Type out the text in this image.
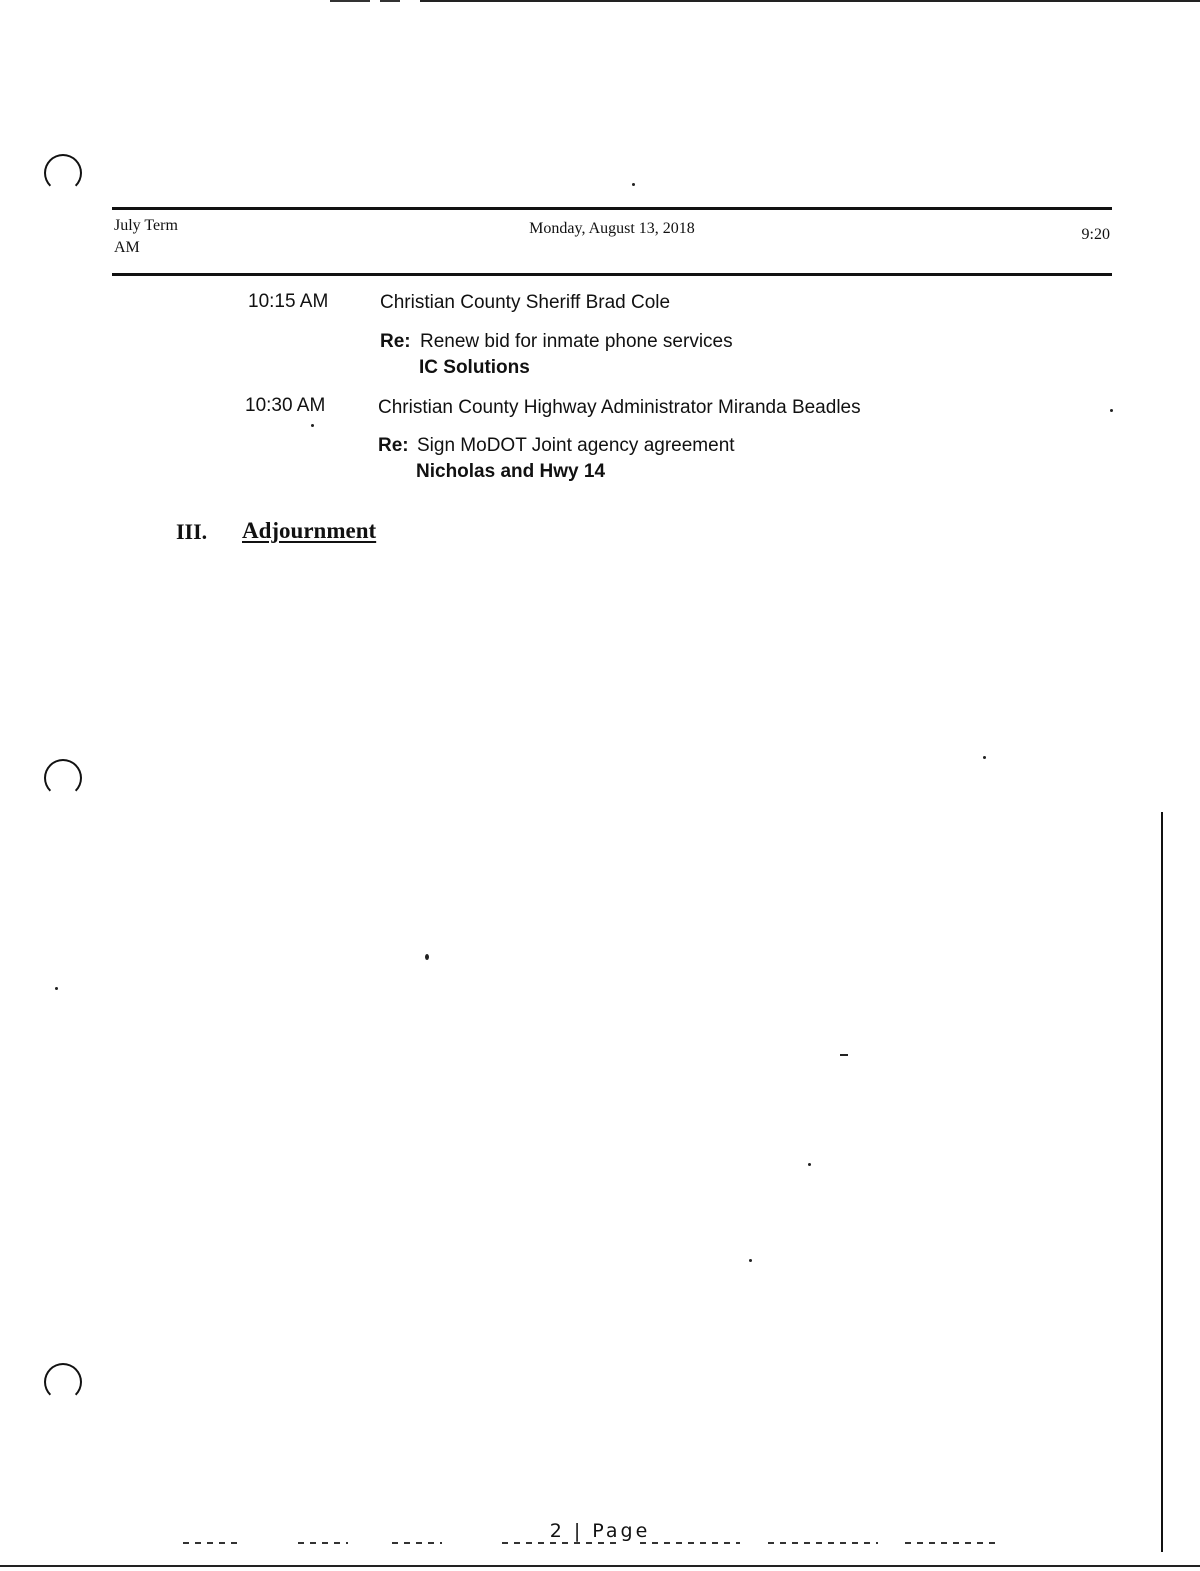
July Term
AM
Monday, August 13, 2018	9:20
10:15 AM	Christian County Sheriff Brad Cole
Re: Renew bid for inmate phone services
IC Solutions
10:30 AM	Christian County Highway Administrator Miranda Beadles
Re: Sign MoDOT Joint agency agreement
Nicholas and Hwy 14
III. Adjournment
2 | Page
